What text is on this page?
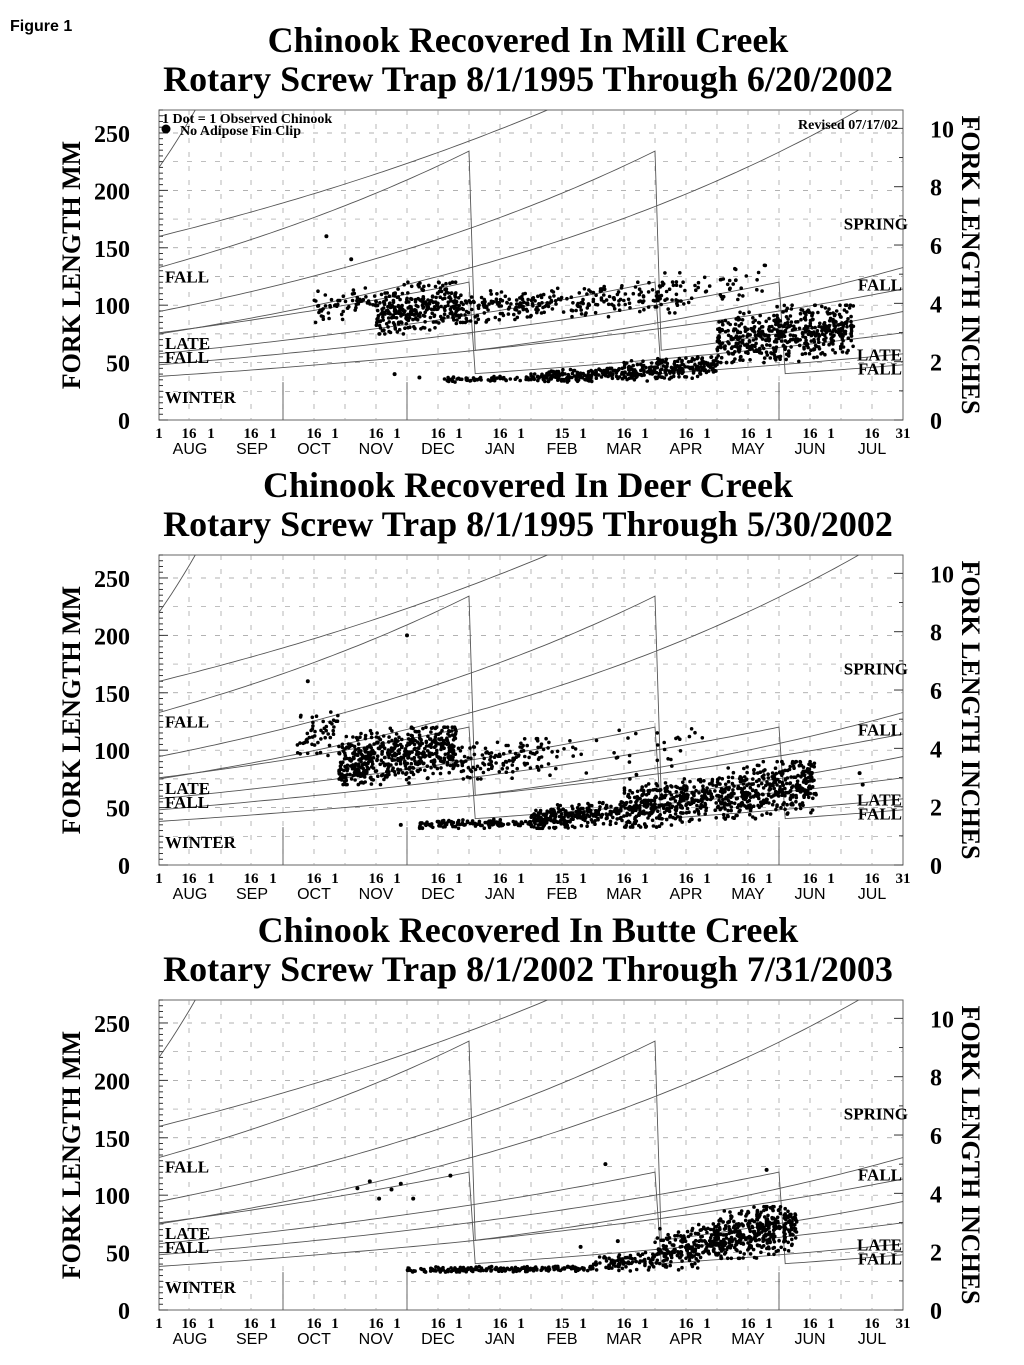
Figure 1	Chinook Recovered In Mill Creek
Rotary Screw Trap 8/1/1995 Through 6/20/2002
0
50
100
150
200
250
0
2
4
6
8
10
FORK LENGTH MM	FORK LENGTH INCHES
FALL
LATE
FALL
WINTER
SPRING
FALL
LATE
FALL
1 16 1 16 1 16 1 16 1 16 1 16 1 15 1 16 1 16 1 16 1 16 1 16 31
AUG SEP OCT NOV DEC JAN FEB MAR APR MAY JUN JUL
1 Dot = 1 Observed Chinook
No Adipose Fin Clip	Revised 07/17/02
Chinook Recovered In Deer Creek
Rotary Screw Trap 8/1/1995 Through 5/30/2002
0
50
100
150
200
250
0
2
4
6
8
10
FORK LENGTH MM	FORK LENGTH INCHES
FALL
LATE
FALL
WINTER
SPRING
FALL
LATE
FALL
1 16 1 16 1 16 1 16 1 16 1 16 1 15 1 16 1 16 1 16 1 16 1 16 31
AUG SEP OCT NOV DEC JAN FEB MAR APR MAY JUN JUL
Chinook Recovered In Butte Creek
Rotary Screw Trap 8/1/2002 Through 7/31/2003
0
50
100
150
200
250
0
2
4
6
8
10
FORK LENGTH MM	FORK LENGTH INCHES
FALL
LATE
FALL
WINTER
SPRING
FALL
LATE
FALL
1 16 1 16 1 16 1 16 1 16 1 16 1 15 1 16 1 16 1 16 1 16 1 16 31
AUG SEP OCT NOV DEC JAN FEB MAR APR MAY JUN JUL
